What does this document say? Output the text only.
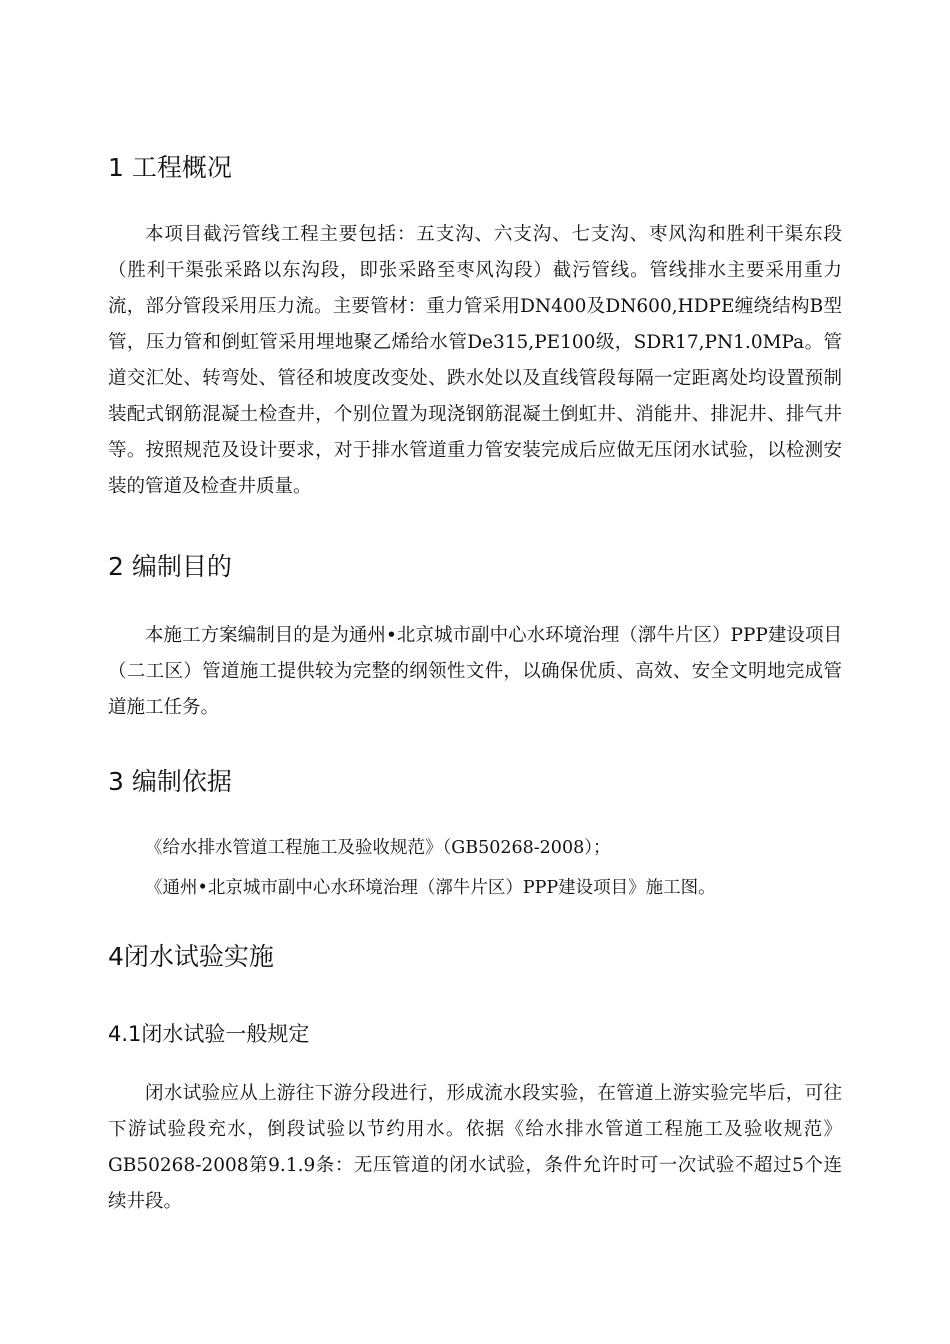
1 工程概况

本项目截污管线工程主要包括：五支沟、六支沟、七支沟、枣风沟和胜利干渠东段（胜利干渠张采路以东沟段，即张采路至枣风沟段）截污管线。管线排水主要采用重力流，部分管段采用压力流。主要管材：重力管采用DN400及DN600,HDPE缠绕结构B型管，压力管和倒虹管采用埋地聚乙烯给水管De315,PE100级，SDR17,PN1.0MPa。管道交汇处、转弯处、管径和坡度改变处、跌水处以及直线管段每隔一定距离处均设置预制装配式钢筋混凝土检查井，个别位置为现浇钢筋混凝土倒虹井、消能井、排泥井、排气井等。按照规范及设计要求，对于排水管道重力管安装完成后应做无压闭水试验，以检测安装的管道及检查井质量。

2 编制目的

本施工方案编制目的是为通州•北京城市副中心水环境治理（漷牛片区）PPP建设项目（二工区）管道施工提供较为完整的纲领性文件，以确保优质、高效、安全文明地完成管道施工任务。

3 编制依据

《给水排水管道工程施工及验收规范》（GB50268-2008）；

《通州•北京城市副中心水环境治理（漷牛片区）PPP建设项目》施工图。

4闭水试验实施
4.1闭水试验一般规定

闭水试验应从上游往下游分段进行，形成流水段实验，在管道上游实验完毕后，可往下游试验段充水，倒段试验以节约用水。依据《给水排水管道工程施工及验收规范》GB50268-2008第9.1.9条：无压管道的闭水试验，条件允许时可一次试验不超过5个连续井段。
